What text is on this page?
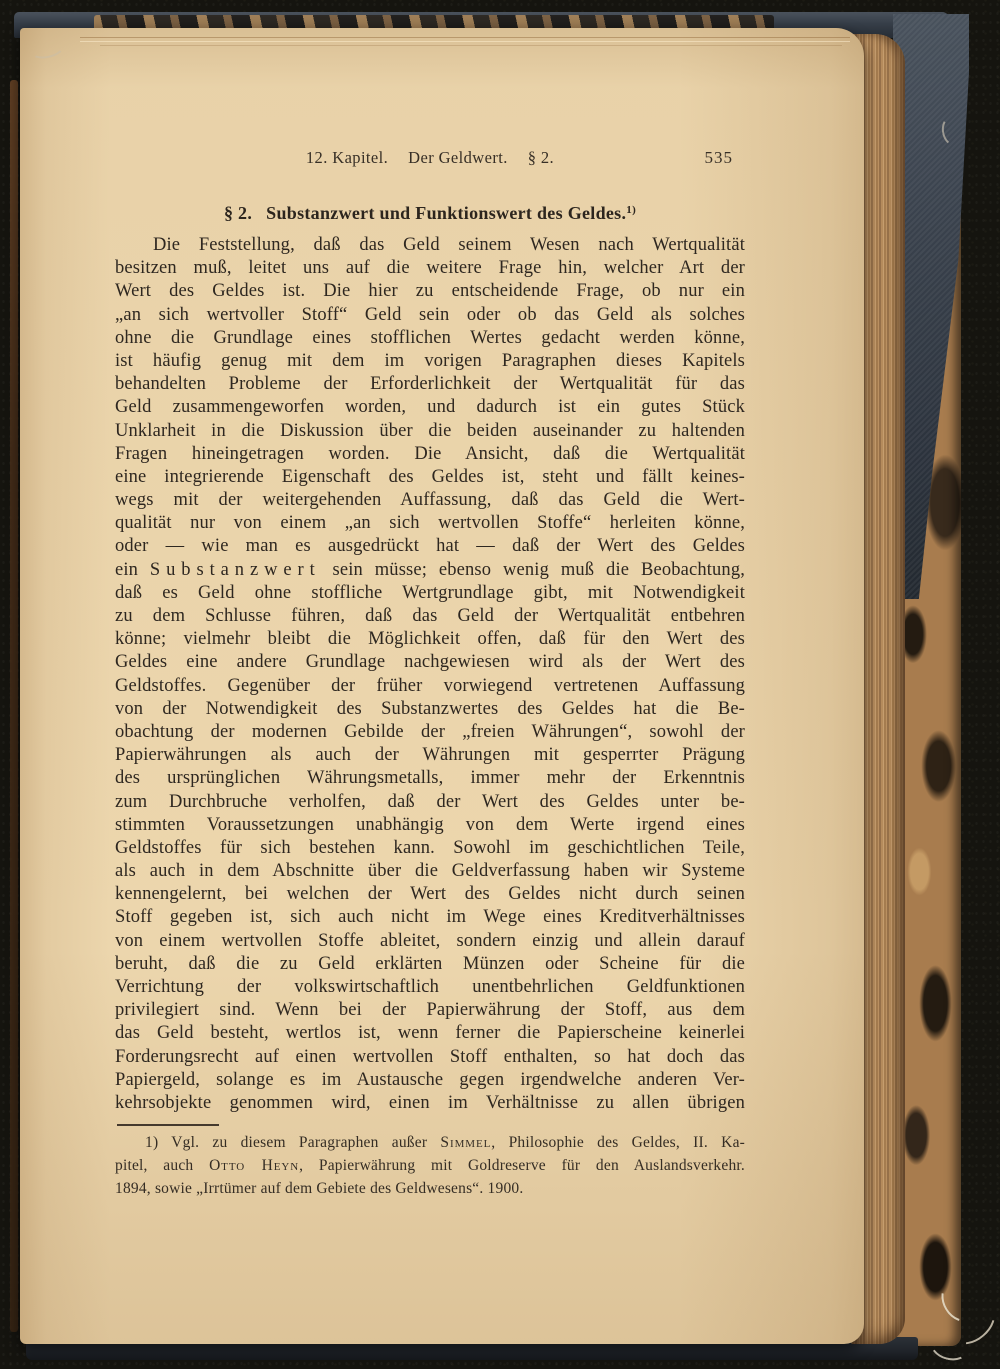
12. Kapitel. Der Geldwert. § 2.	535
§ 2. Substanzwert und Funktionswert des Geldes.$^{1)}$
Die Feststellung, daß das Geld seinem Wesen nach Wertqualität
besitzen muß, leitet uns auf die weitere Frage hin, welcher Art der
Wert des Geldes ist. Die hier zu entscheidende Frage, ob nur ein
„an sich wertvoller Stoff“ Geld sein oder ob das Geld als solches
ohne die Grundlage eines stofflichen Wertes gedacht werden könne,
ist häufig genug mit dem im vorigen Paragraphen dieses Kapitels
behandelten Probleme der Erforderlichkeit der Wertqualität für das
Geld zusammengeworfen worden, und dadurch ist ein gutes Stück
Unklarheit in die Diskussion über die beiden auseinander zu haltenden
Fragen hineingetragen worden. Die Ansicht, daß die Wertqualität
eine integrierende Eigenschaft des Geldes ist, steht und fällt keines-
wegs mit der weitergehenden Auffassung, daß das Geld die Wert-
qualität nur von einem „an sich wertvollen Stoffe“ herleiten könne,
oder — wie man es ausgedrückt hat — daß der Wert des Geldes
ein Substanzwert sein müsse; ebenso wenig muß die Beobachtung,
daß es Geld ohne stoffliche Wertgrundlage gibt, mit Notwendigkeit
zu dem Schlusse führen, daß das Geld der Wertqualität entbehren
könne; vielmehr bleibt die Möglichkeit offen, daß für den Wert des
Geldes eine andere Grundlage nachgewiesen wird als der Wert des
Geldstoffes. Gegenüber der früher vorwiegend vertretenen Auffassung
von der Notwendigkeit des Substanzwertes des Geldes hat die Be-
obachtung der modernen Gebilde der „freien Währungen“, sowohl der
Papierwährungen als auch der Währungen mit gesperrter Prägung
des ursprünglichen Währungsmetalls, immer mehr der Erkenntnis
zum Durchbruche verholfen, daß der Wert des Geldes unter be-
stimmten Voraussetzungen unabhängig von dem Werte irgend eines
Geldstoffes für sich bestehen kann. Sowohl im geschichtlichen Teile,
als auch in dem Abschnitte über die Geldverfassung haben wir Systeme
kennengelernt, bei welchen der Wert des Geldes nicht durch seinen
Stoff gegeben ist, sich auch nicht im Wege eines Kreditverhältnisses
von einem wertvollen Stoffe ableitet, sondern einzig und allein darauf
beruht, daß die zu Geld erklärten Münzen oder Scheine für die
Verrichtung der volkswirtschaftlich unentbehrlichen Geldfunktionen
privilegiert sind. Wenn bei der Papierwährung der Stoff, aus dem
das Geld besteht, wertlos ist, wenn ferner die Papierscheine keinerlei
Forderungsrecht auf einen wertvollen Stoff enthalten, so hat doch das
Papiergeld, solange es im Austausche gegen irgendwelche anderen Ver-
kehrsobjekte genommen wird, einen im Verhältnisse zu allen übrigen
1) Vgl. zu diesem Paragraphen außer Simmel, Philosophie des Geldes, II. Ka-
pitel, auch Otto Heyn, Papierwährung mit Goldreserve für den Auslandsverkehr.
1894, sowie „Irrtümer auf dem Gebiete des Geldwesens“. 1900.
